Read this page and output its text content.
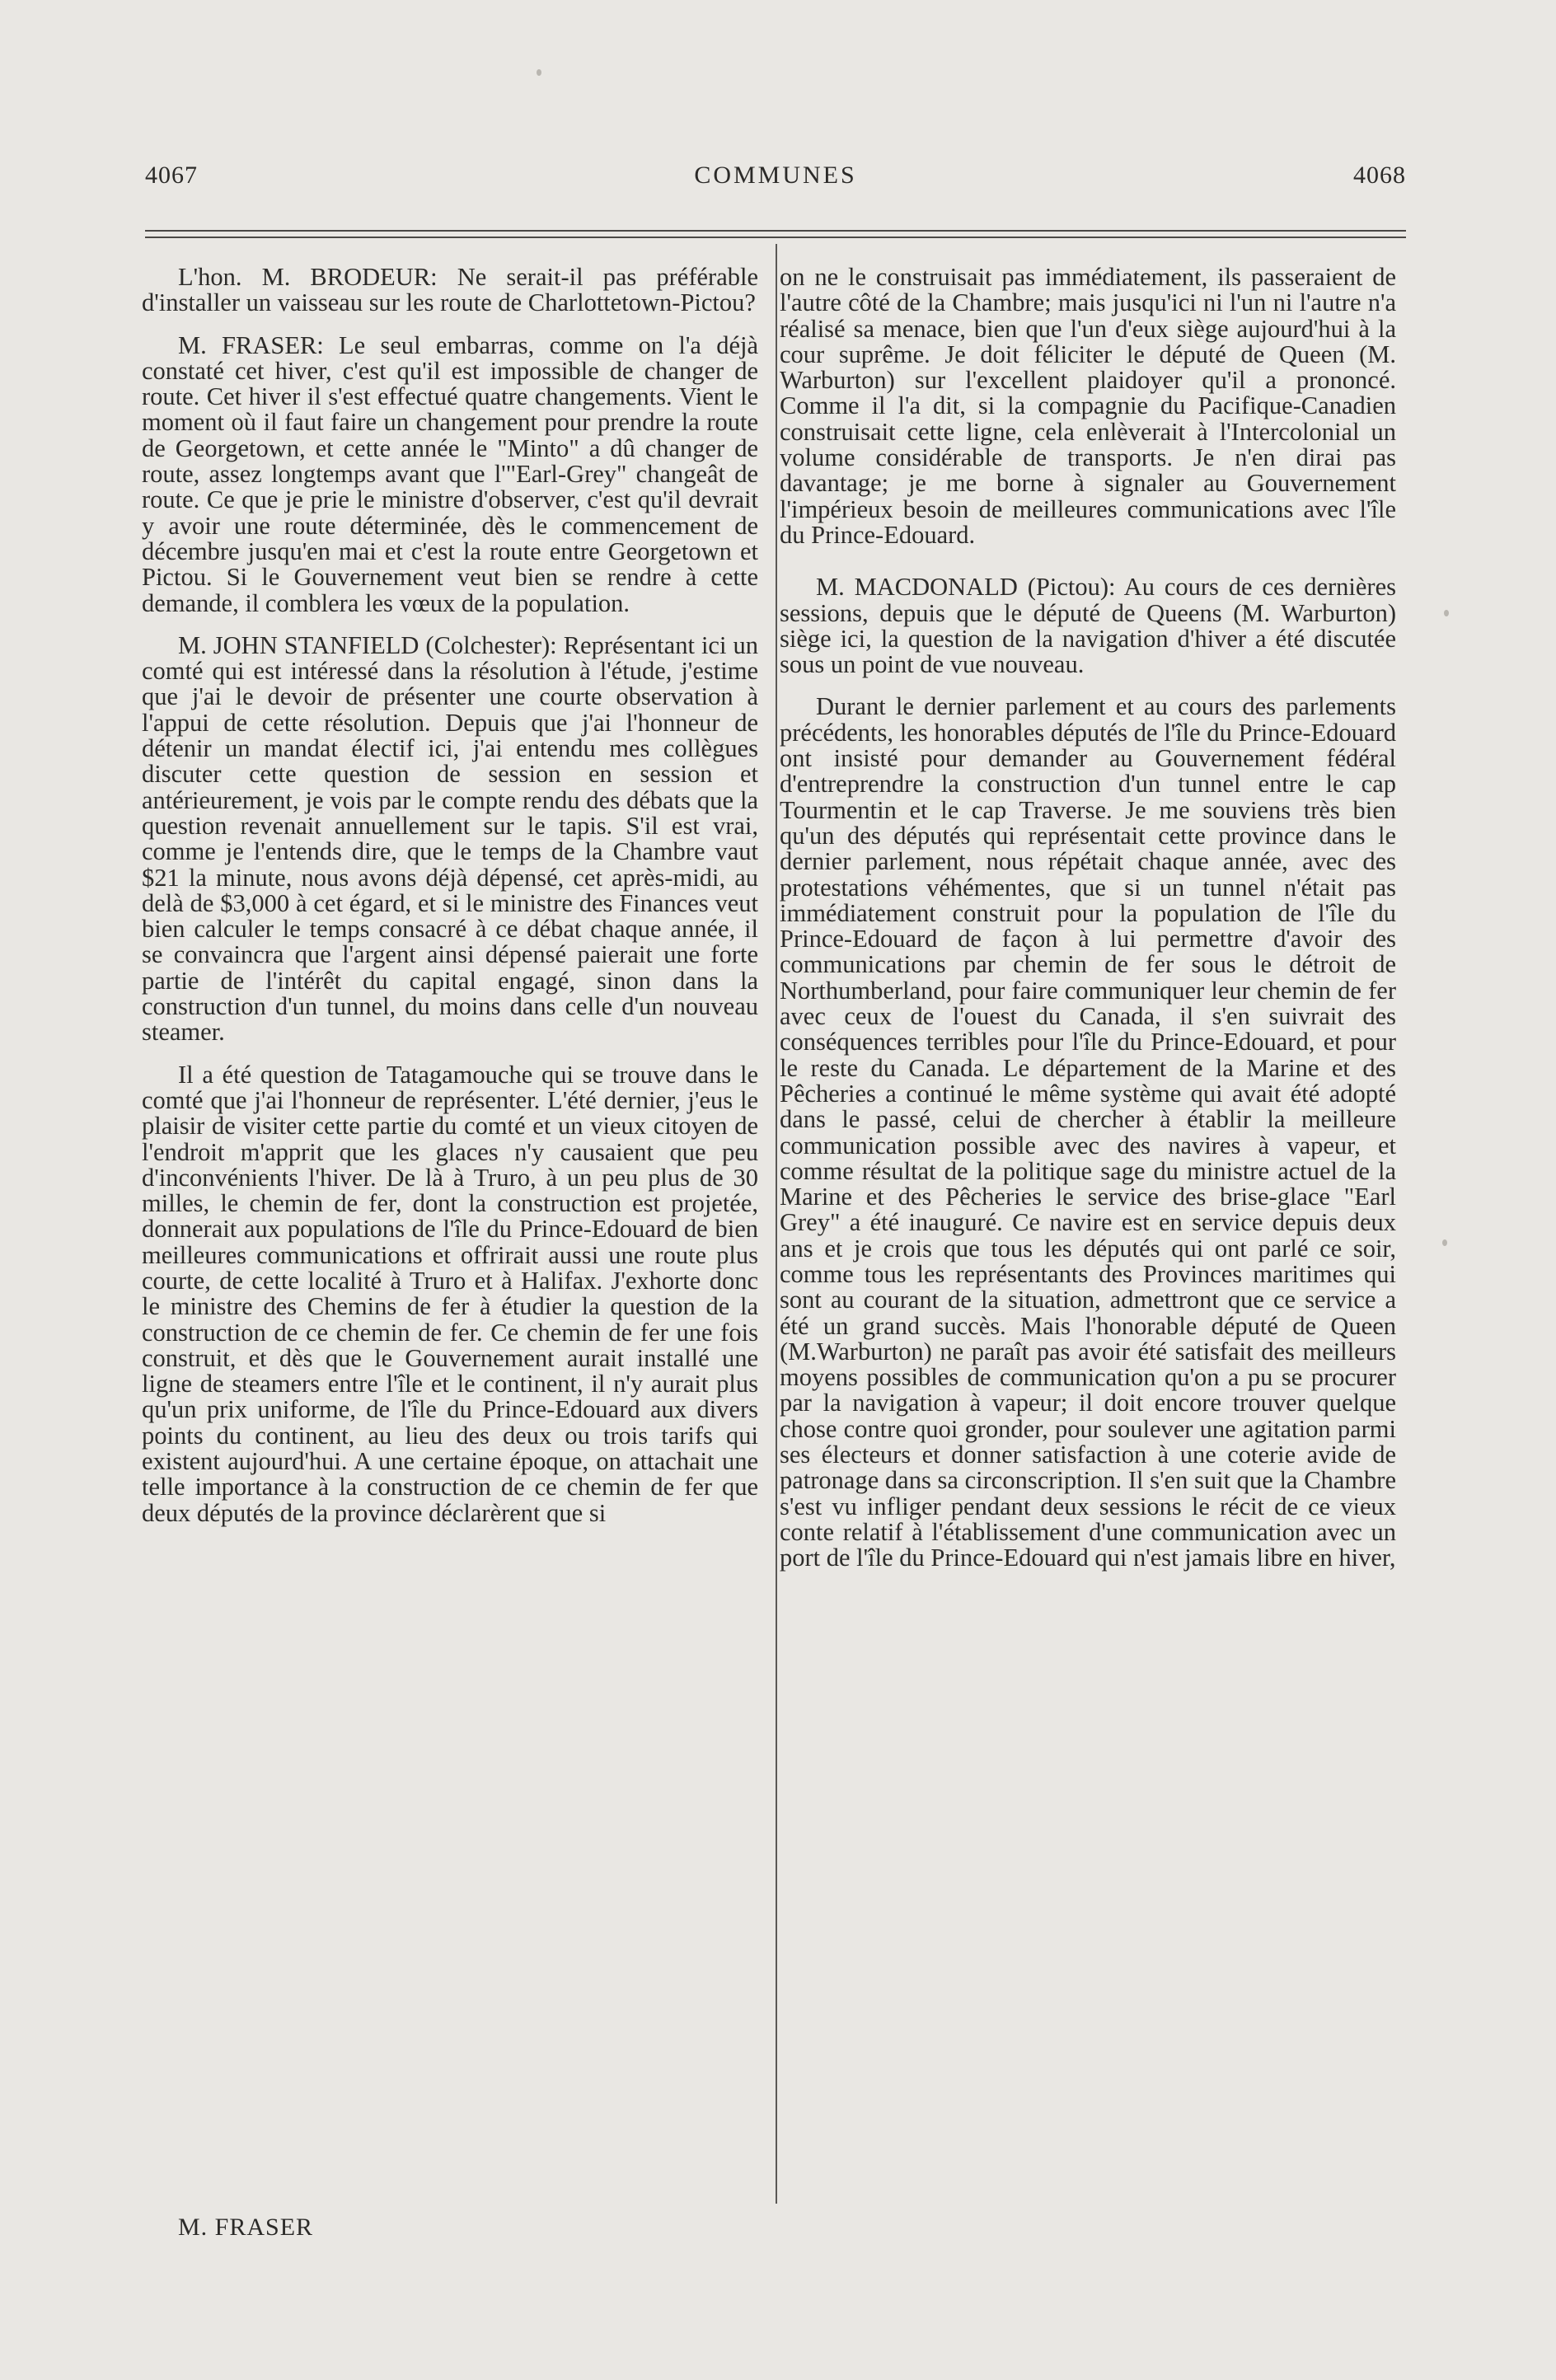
4067	COMMUNES	4068

L'hon. M. BRODEUR: Ne serait-il pas préférable d'installer un vaisseau sur les route de Charlottetown-Pictou?

M. FRASER: Le seul embarras, comme on l'a déjà constaté cet hiver, c'est qu'il est impossible de changer de route. Cet hiver il s'est effectué quatre changements. Vient le moment où il faut faire un changement pour prendre la route de Georgetown, et cette année le "Minto" a dû changer de route, assez longtemps avant que l'"Earl-Grey" changeât de route. Ce que je prie le ministre d'observer, c'est qu'il devrait y avoir une route déterminée, dès le commencement de décembre jusqu'en mai et c'est la route entre Georgetown et Pictou. Si le Gouvernement veut bien se rendre à cette demande, il comblera les vœux de la population.

M. JOHN STANFIELD (Colchester): Représentant ici un comté qui est intéressé dans la résolution à l'étude, j'estime que j'ai le devoir de présenter une courte observation à l'appui de cette résolution. Depuis que j'ai l'honneur de détenir un mandat électif ici, j'ai entendu mes collègues discuter cette question de session en session et antérieurement, je vois par le compte rendu des débats que la question revenait annuellement sur le tapis. S'il est vrai, comme je l'entends dire, que le temps de la Chambre vaut $21 la minute, nous avons déjà dépensé, cet après-midi, au delà de $3,000 à cet égard, et si le ministre des Finances veut bien calculer le temps consacré à ce débat chaque année, il se convaincra que l'argent ainsi dépensé paierait une forte partie de l'intérêt du capital engagé, sinon dans la construction d'un tunnel, du moins dans celle d'un nouveau steamer.

Il a été question de Tatagamouche qui se trouve dans le comté que j'ai l'honneur de représenter. L'été dernier, j'eus le plaisir de visiter cette partie du comté et un vieux citoyen de l'endroit m'apprit que les glaces n'y causaient que peu d'inconvénients l'hiver. De là à Truro, à un peu plus de 30 milles, le chemin de fer, dont la construction est projetée, donnerait aux populations de l'île du Prince-Edouard de bien meilleures communications et offrirait aussi une route plus courte, de cette localité à Truro et à Halifax. J'exhorte donc le ministre des Chemins de fer à étudier la question de la construction de ce chemin de fer. Ce chemin de fer une fois construit, et dès que le Gouvernement aurait installé une ligne de steamers entre l'île et le continent, il n'y aurait plus qu'un prix uniforme, de l'île du Prince-Edouard aux divers points du continent, au lieu des deux ou trois tarifs qui existent aujourd'hui. A une certaine époque, on attachait une telle importance à la construction de ce chemin de fer que deux députés de la province déclarèrent que si

on ne le construisait pas immédiatement, ils passeraient de l'autre côté de la Chambre; mais jusqu'ici ni l'un ni l'autre n'a réalisé sa menace, bien que l'un d'eux siège aujourd'hui à la cour suprême. Je doit féliciter le député de Queen (M. Warburton) sur l'excellent plaidoyer qu'il a prononcé. Comme il l'a dit, si la compagnie du Pacifique-Canadien construisait cette ligne, cela enlèverait à l'Intercolonial un volume considérable de transports. Je n'en dirai pas davantage; je me borne à signaler au Gouvernement l'impérieux besoin de meilleures communications avec l'île du Prince-Edouard.

M. MACDONALD (Pictou): Au cours de ces dernières sessions, depuis que le député de Queens (M. Warburton) siège ici, la question de la navigation d'hiver a été discutée sous un point de vue nouveau.

Durant le dernier parlement et au cours des parlements précédents, les honorables députés de l'île du Prince-Edouard ont insisté pour demander au Gouvernement fédéral d'entreprendre la construction d'un tunnel entre le cap Tourmentin et le cap Traverse. Je me souviens très bien qu'un des députés qui représentait cette province dans le dernier parlement, nous répétait chaque année, avec des protestations véhémentes, que si un tunnel n'était pas immédiatement construit pour la population de l'île du Prince-Edouard de façon à lui permettre d'avoir des communications par chemin de fer sous le détroit de Northumberland, pour faire communiquer leur chemin de fer avec ceux de l'ouest du Canada, il s'en suivrait des conséquences terribles pour l'île du Prince-Edouard, et pour le reste du Canada. Le département de la Marine et des Pêcheries a continué le même système qui avait été adopté dans le passé, celui de chercher à établir la meilleure communication possible avec des navires à vapeur, et comme résultat de la politique sage du ministre actuel de la Marine et des Pêcheries le service des brise-glace "Earl Grey" a été inauguré. Ce navire est en service depuis deux ans et je crois que tous les députés qui ont parlé ce soir, comme tous les représentants des Provinces maritimes qui sont au courant de la situation, admettront que ce service a été un grand succès. Mais l'honorable député de Queen (M.Warburton) ne paraît pas avoir été satisfait des meilleurs moyens possibles de communication qu'on a pu se procurer par la navigation à vapeur; il doit encore trouver quelque chose contre quoi gronder, pour soulever une agitation parmi ses électeurs et donner satisfaction à une coterie avide de patronage dans sa circonscription. Il s'en suit que la Chambre s'est vu infliger pendant deux sessions le récit de ce vieux conte relatif à l'établissement d'une communication avec un port de l'île du Prince-Edouard qui n'est jamais libre en hiver,

M. FRASER
